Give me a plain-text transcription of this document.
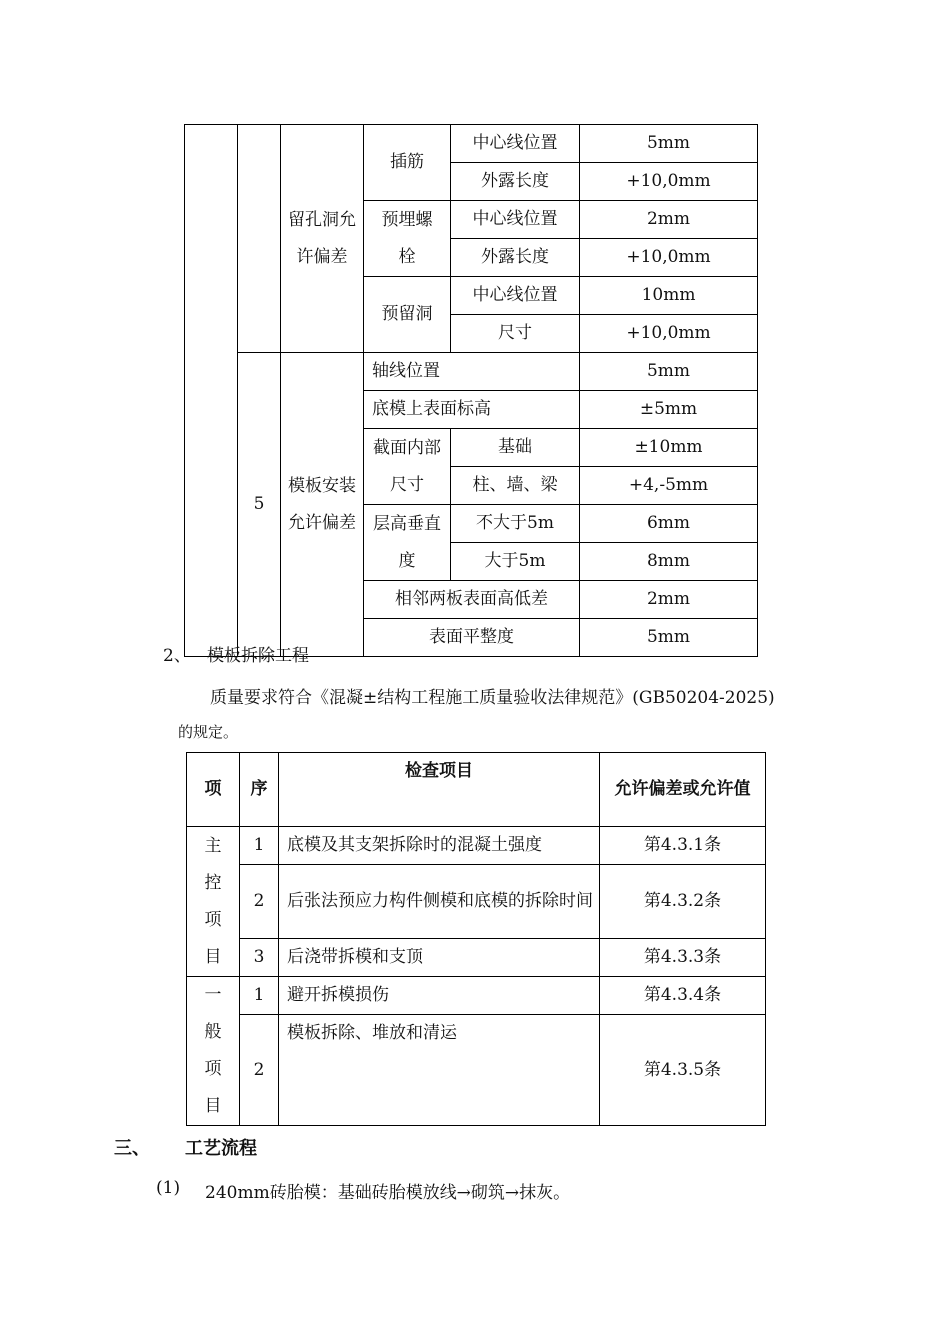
		留孔洞允许偏差	插筋	中心线位置	5mm
				外露长度	+10,0mm
			预埋螺栓	中心线位置	2mm
				外露长度	+10,0mm
			预留洞	中心线位置	10mm
				尺寸	+10,0mm
	5	模板安装允许偏差	轴线位置		5mm
			底模上表面标高		±5mm
			截面内部尺寸	基础	±10mm
				柱、墙、梁	+4,-5mm
			层高垂直度	不大于5m	6mm
				大于5m	8mm
			相邻两板表面高低差		2mm
			表面平整度		5mm
2、 模板拆除工程
质量要求符合《混凝±结构工程施工质量验收法律规范》(GB50204-2025)
的规定。
项	序	检查项目	允许偏差或允许值
主控项目	1	底模及其支架拆除时的混凝土强度	第4.3.1条
	2	后张法预应力构件侧模和底模的拆除时间	第4.3.2条
	3	后浇带拆模和支顶	第4.3.3条
一般项目	1	避开拆模损伤	第4.3.4条
	2	模板拆除、堆放和清运	第4.3.5条
三、 工艺流程
(1) 240mm砖胎模：基础砖胎模放线→砌筑→抹灰。
